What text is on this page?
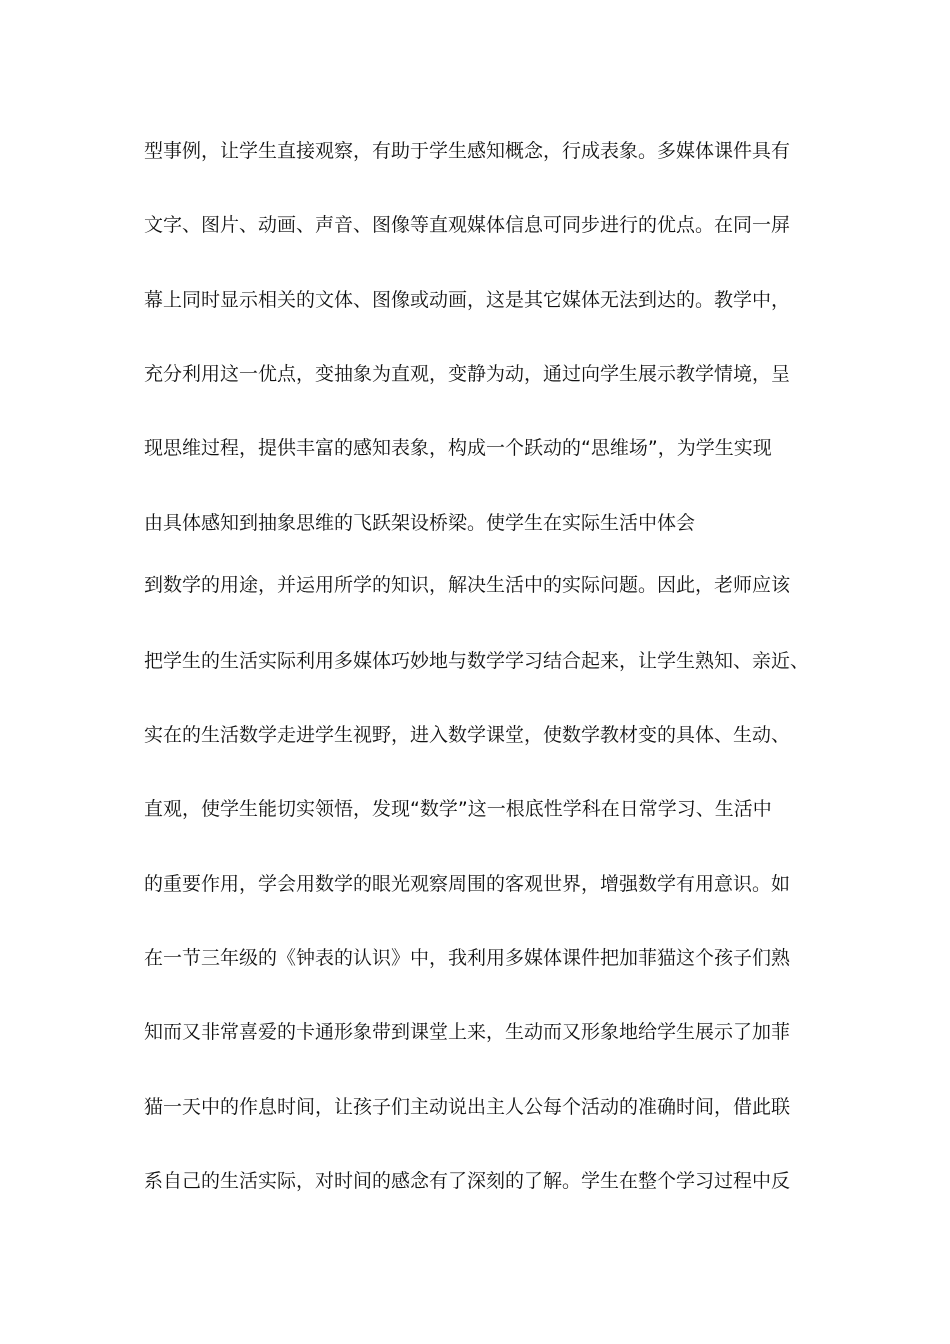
型事例，让学生直接观察，有助于学生感知概念，行成表象。多媒体课件具有
文字、图片、动画、声音、图像等直观媒体信息可同步进行的优点。在同一屏
幕上同时显示相关的文体、图像或动画，这是其它媒体无法到达的。教学中，
充分利用这一优点，变抽象为直观，变静为动，通过向学生展示教学情境，呈
现思维过程，提供丰富的感知表象，构成一个跃动的“思维场”，为学生实现
由具体感知到抽象思维的飞跃架设桥梁。使学生在实际生活中体会
到数学的用途，并运用所学的知识，解决生活中的实际问题。因此，老师应该
把学生的生活实际利用多媒体巧妙地与数学学习结合起来，让学生熟知、亲近、
实在的生活数学走进学生视野，进入数学课堂，使数学教材变的具体、生动、
直观，使学生能切实领悟，发现“数学”这一根底性学科在日常学习、生活中
的重要作用，学会用数学的眼光观察周围的客观世界，增强数学有用意识。如
在一节三年级的《钟表的认识》中，我利用多媒体课件把加菲猫这个孩子们熟
知而又非常喜爱的卡通形象带到课堂上来，生动而又形象地给学生展示了加菲
猫一天中的作息时间，让孩子们主动说出主人公每个活动的准确时间，借此联
系自己的生活实际，对时间的感念有了深刻的了解。学生在整个学习过程中反
